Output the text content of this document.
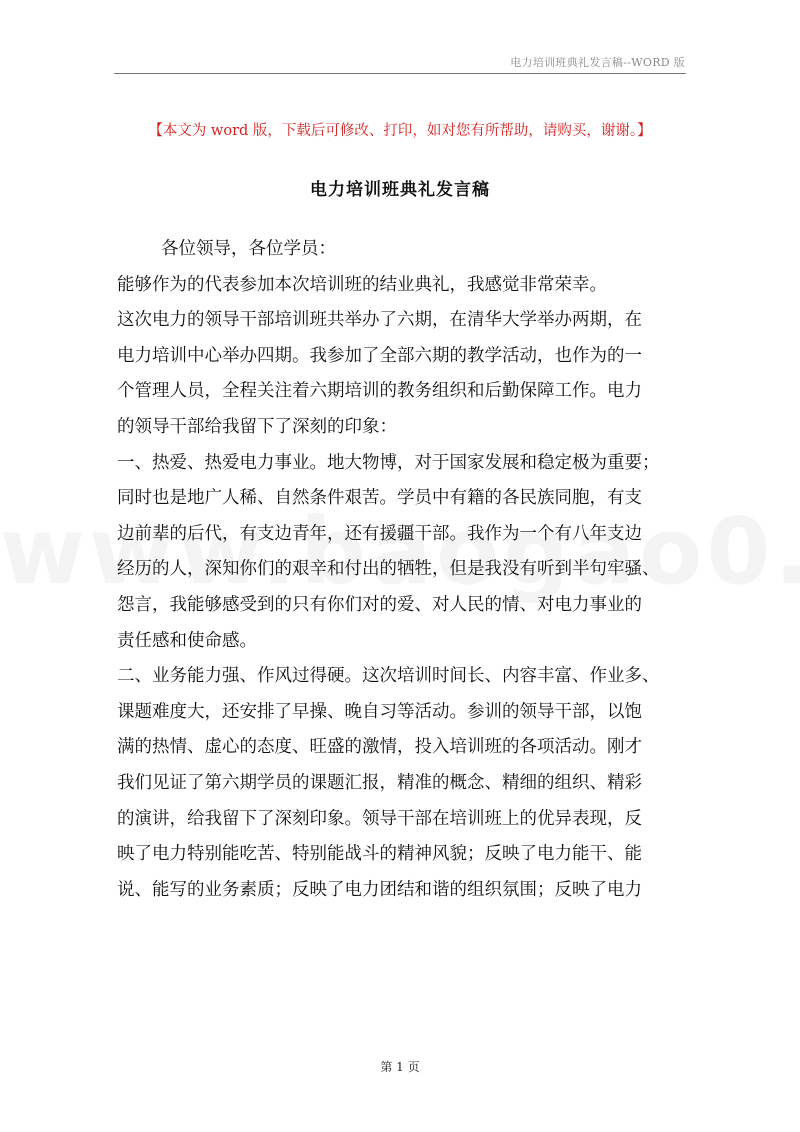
电力培训班典礼发言稿--WORD 版
【本文为 word 版，下载后可修改、打印，如对您有所帮助，请购买，谢谢。】
电力培训班典礼发言稿
各位领导，各位学员：
能够作为的代表参加本次培训班的结业典礼，我感觉非常荣幸。
这次电力的领导干部培训班共举办了六期，在清华大学举办两期，在
电力培训中心举办四期。我参加了全部六期的教学活动，也作为的一
个管理人员，全程关注着六期培训的教务组织和后勤保障工作。电力
的领导干部给我留下了深刻的印象：
一、热爱、热爱电力事业。地大物博，对于国家发展和稳定极为重要；
同时也是地广人稀、自然条件艰苦。学员中有籍的各民族同胞，有支
边前辈的后代，有支边青年，还有援疆干部。我作为一个有八年支边
经历的人，深知你们的艰辛和付出的牺牲，但是我没有听到半句牢骚、
怨言，我能够感受到的只有你们对的爱、对人民的情、对电力事业的
责任感和使命感。
二、业务能力强、作风过得硬。这次培训时间长、内容丰富、作业多、
课题难度大，还安排了早操、晚自习等活动。参训的领导干部，以饱
满的热情、虚心的态度、旺盛的激情，投入培训班的各项活动。刚才
我们见证了第六期学员的课题汇报，精准的概念、精细的组织、精彩
的演讲，给我留下了深刻印象。领导干部在培训班上的优异表现，反
映了电力特别能吃苦、特别能战斗的精神风貌；反映了电力能干、能
说、能写的业务素质；反映了电力团结和谐的组织氛围；反映了电力
第 1 页
